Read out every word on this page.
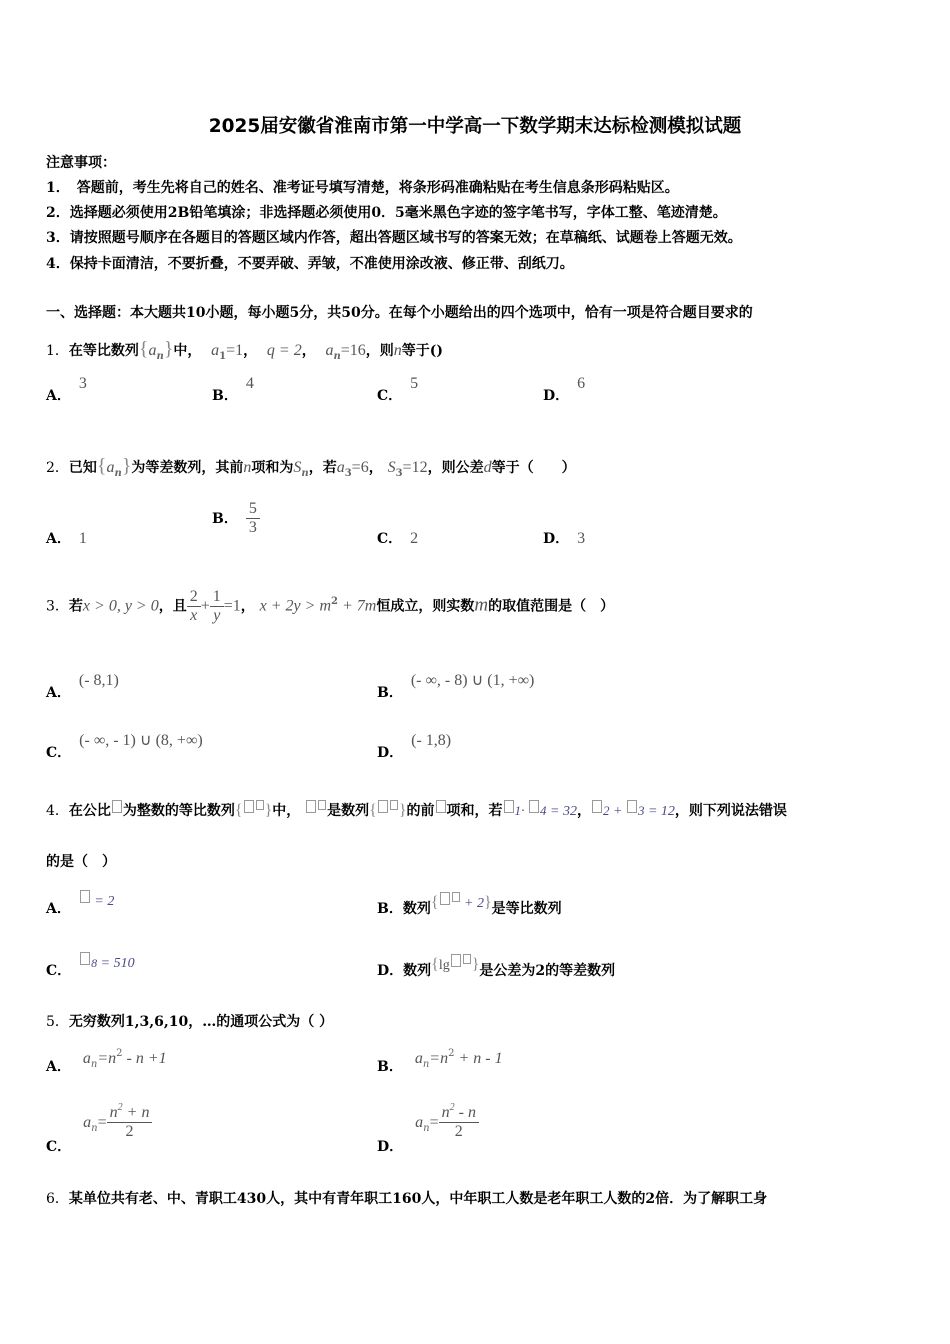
2025届安徽省淮南市第一中学高一下数学期末达标检测模拟试题
注意事项：
1．　答题前，考生先将自己的姓名、准考证号填写清楚，将条形码准确粘贴在考生信息条形码粘贴区。
2．选择题必须使用2B铅笔填涂；非选择题必须使用0．5毫米黑色字迹的签字笔书写，字体工整、笔迹清楚。
3．请按照题号顺序在各题目的答题区域内作答，超出答题区域书写的答案无效；在草稿纸、试题卷上答题无效。
4．保持卡面清洁，不要折叠，不要弄破、弄皱，不准使用涂改液、修正带、刮纸刀。
一、选择题：本大题共10小题，每小题5分，共50分。在每个小题给出的四个选项中，恰有一项是符合题目要求的
1．在等比数列$\{a_n\}$中， $a_1=1$， q = 2， $a_n=16$，则n等于()
A．3
B．4
C．5
D．6
2．已知$\{a_n\}$为等差数列，其前n项和为$S_n$，若$a_3=6$， $S_3=12$，则公差d等于（　　）
A． 1
B． $\frac{5}{3}$
C． 2	D． 3
3．若x > 0, y > 0，且 $\frac{2}{x} + \frac{1}{y} =1$， $x + 2y > m^2 + 7m$恒成立，则实数m的取值范围是（　）
A．(- 8,1)
B．(- ∞, - 8) ∪ (1, +∞)
C．(- ∞, - 1) ∪ (8, +∞)
D．(- 1,8)
4．在公比 为整数的等比数列{ }中， 是数列{ }的前 项和，若 1· 4 = 32， 2 + 3 = 12，则下列说法错误
的是（　）
A． = 2	B．数列{ + 2}是等比数列
C． 8 = 510	D．数列{lg }是公差为2的等差数列
5．无穷数列1,3,6,10，…的通项公式为（ ）
A． $a_n=n^2 - n +1$	B． $a_n=n^2 + n - 1$
C．$a_n= \frac{n^2 + n}{2}$
D．$a_n= \frac{n^2 - n}{2}$
6．某单位共有老、中、青职工430人，其中有青年职工160人，中年职工人数是老年职工人数的2倍．为了解职工身
